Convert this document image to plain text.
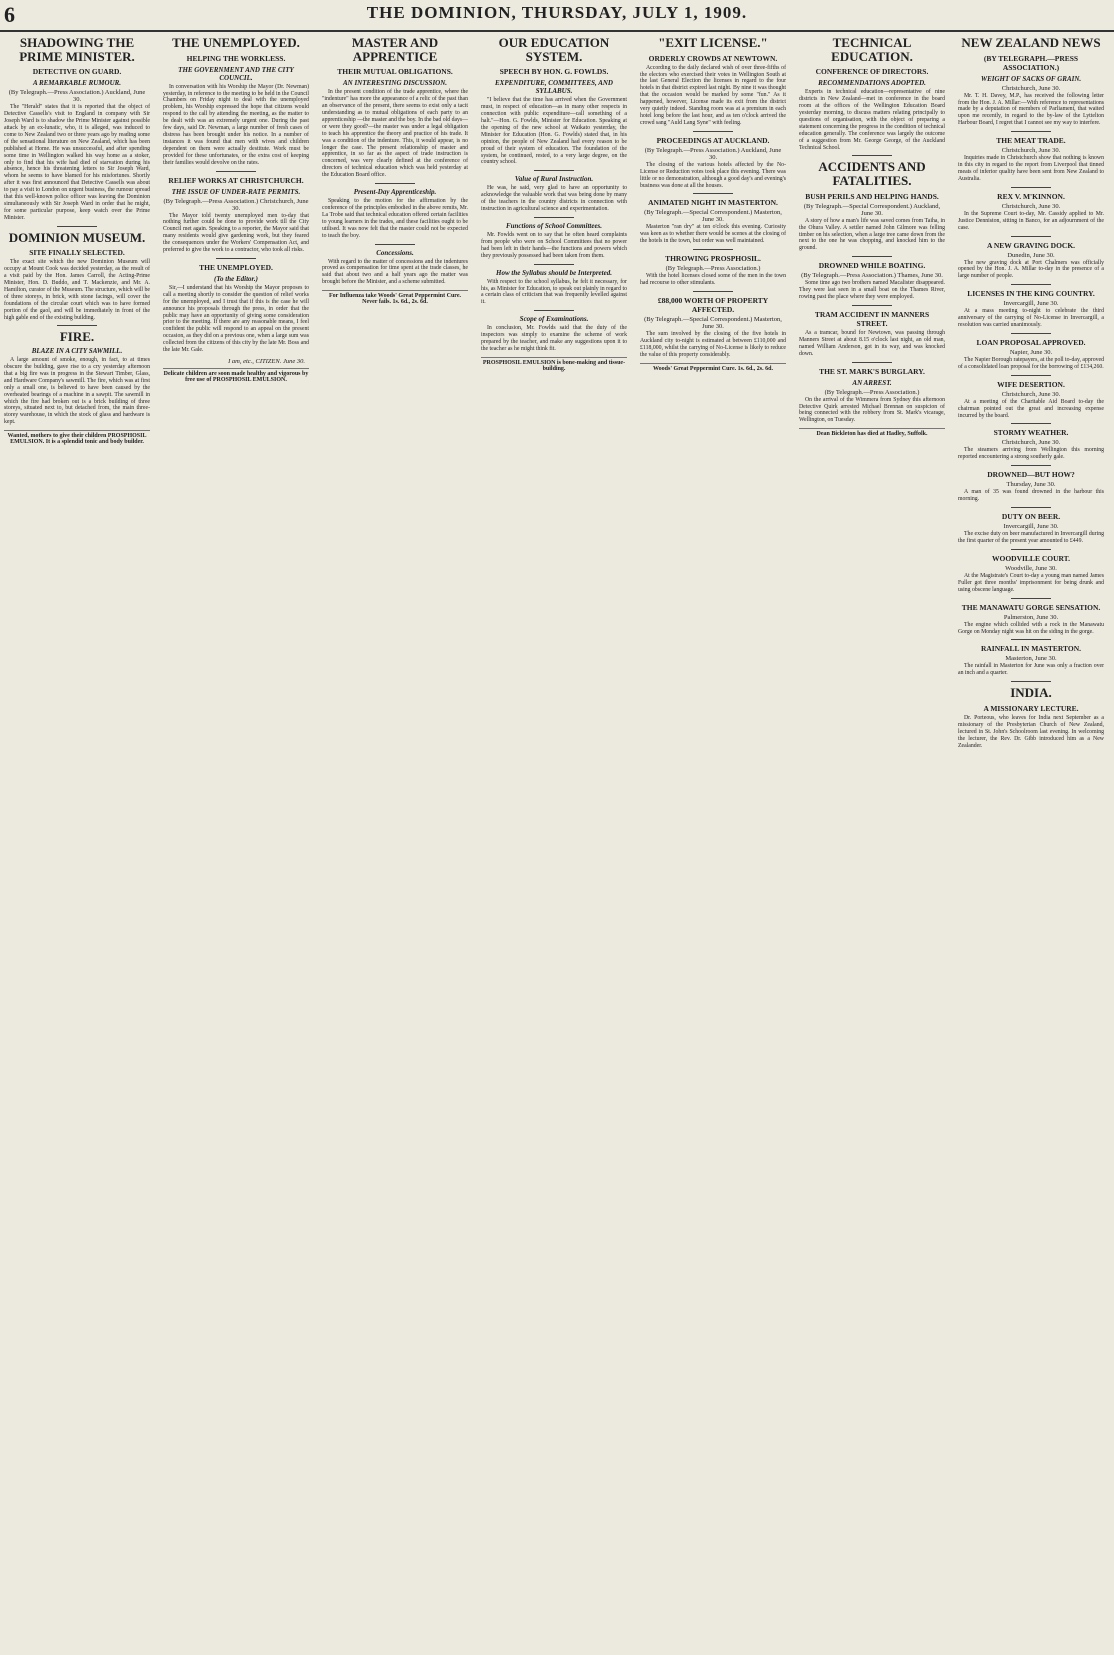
6	THE DOMINION, THURSDAY, JULY 1, 1909.
SHADOWING THE PRIME MINISTER.
DETECTIVE ON GUARD.
A REMARKABLE RUMOUR.
(By Telegraph.—Press Association.) Auckland, June 30.

The "Herald" states that it is reported that the object of Detective Cassells's visit to England in company with Sir Joseph Ward is to shadow the Prime Minister against possible attack by an ex-lunatic, who, it is alleged, was induced to come to New Zealand two or three years ago by reading some of the sensational literature on New Zealand, which has been published at Home. He was unsuccessful, and after spending some time in Wellington walked his way home as a stoker, only to find that his wife had died of starvation during his absence, hence his threatening letters to Sir Joseph Ward, whom he seems to have blamed for his misfortunes. Shortly after it was first announced that Detective Cassells was about to pay a visit to London on urgent business, the rumour spread that this well-known police officer was leaving the Dominion simultaneously with Sir Joseph Ward in order that he might, for some particular purpose, keep watch over the Prime Minister.

DOMINION MUSEUM.
SITE FINALLY SELECTED.

The exact site which the new Dominion Museum will occupy at Mount Cook was decided yesterday, as the result of a visit paid by the Hon. James Carroll, the Acting-Prime Minister, Hon. D. Buddo, and T. Mackenzie, and Mr. A. Hamilton, curator of the Museum. The structure, which will be of three storeys, in brick, with stone facings, will cover the foundations of the circular court which was to have formed portion of the gaol, and will be immediately in front of the high gable end of the existing building.

FIRE.
BLAZE IN A CITY SAWMILL.

A large amount of smoke, enough, in fact, to at times obscure the building, gave rise to a cry yesterday afternoon that a big fire was in progress in the Stewart Timber, Glass, and Hardware Company's sawmill. The fire, which was at first only a small one, is believed to have been caused by the overheated bearings of a machine in a sawpit. The sawmill in which the fire had broken out is a brick building of three storeys, situated next to, but detached from, the main three-storey warehouse, in which the stock of glass and hardware is kept.

Wanted, mothers to give their children PROSPHOSIL EMULSION. It is a splendid tonic and body builder.
THE UNEMPLOYED.
HELPING THE WORKLESS.
THE GOVERNMENT AND THE CITY COUNCIL.

In conversation with his Worship the Mayor (Dr. Newman) yesterday, in reference to the meeting to be held in the Council Chambers on Friday night to deal with the unemployed problem, his Worship expressed the hope that citizens would respond to the call by attending the meeting, as the matter to be dealt with was an extremely urgent one. During the past few days, said Dr. Newman, a large number of fresh cases of distress has been brought under his notice. In a number of instances it was found that men with wives and children dependent on them were actually destitute. Work must be provided for these unfortunates, or the extra cost of keeping their families would devolve on the rates.

RELIEF WORKS AT CHRISTCHURCH.
THE ISSUE OF UNDER-RATE PERMITS.
(By Telegraph.—Press Association.) Christchurch, June 30.

The Mayor told twenty unemployed men to-day that nothing further could be done to provide work till the City Council met again. Speaking to a reporter, the Mayor said that many residents would give gardening work, but they feared the consequences under the Workers' Compensation Act, and preferred to give the work to a contractor, who took all risks.

THE UNEMPLOYED.
(To the Editor.)

Sir,—I understand that his Worship the Mayor proposes to call a meeting shortly to consider the question of relief works for the unemployed, and I trust that if this is the case he will announce his proposals through the press, in order that the public may have an opportunity of giving some consideration prior to the meeting. If there are any reasonable means, I feel confident the public will respond to an appeal on the present occasion, as they did on a previous one, when a large sum was collected from the citizens of this city by the late Mr. Boss and the late Mr. Gale.

I am, etc., CITIZEN. June 30.
Delicate children are soon made healthy and vigorous by free use of PROSPHOSIL EMULSION.
MASTER AND APPRENTICE
THEIR MUTUAL OBLIGATIONS.
AN INTERESTING DISCUSSION.

In the present condition of the trade apprentice, where the "indenture" has more the appearance of a relic of the past than an observance of the present, there seems to exist only a tacit understanding as to mutual obligations of each party to an apprenticeship —the master and the boy. In the bad old days—or were they good?—the master was under a legal obligation to teach his apprentice the theory and practice of his trade. It was a condition of the indenture. This, it would appear, is no longer the case. The present relationship of master and apprentice, in so far as the aspect of trade instruction is concerned, was very clearly defined at the conference of directors of technical education which was held yesterday at the Education Board office.

Present-Day Apprenticeship.

Speaking to the motion for the affirmation by the conference of the principles embodied in the above remits, Mr. La Trobe said that technical education offered certain facilities to young learners in the trades, and these facilities ought to be utilised. It was now felt that the master could not be expected to teach the boy.

Concessions.

With regard to the matter of concessions and the indentures proved as compensation for time spent at the trade classes, he said that about two and a half years ago the matter was brought before the Minister, and a scheme submitted.

For Influenza take Woods' Great Peppermint Cure. Never fails. 1s. 6d., 2s. 6d.
OUR EDUCATION SYSTEM.
SPEECH BY HON. G. FOWLDS.
EXPENDITURE, COMMITTEES, AND SYLLABUS.

"I believe that the time has arrived when the Government must, in respect of education—as in many other respects in connection with public expenditure—call something of a halt."—Hon. G. Fowlds, Minister for Education. Speaking at the opening of the new school at Waikato yesterday, the Minister for Education (Hon. G. Fowlds) stated that, in his opinion, the people of New Zealand had every reason to be proud of their system of education. The foundation of the system, he continued, rested, to a very large degree, on the country school.

Value of Rural Instruction.

He was, he said, very glad to have an opportunity to acknowledge the valuable work that was being done by many of the teachers in the country districts in connection with instruction in agricultural science and experimentation.

Functions of School Committees.

Mr. Fowlds went on to say that he often heard complaints from people who were on School Committees that no power had been left in their hands—the functions and powers which they previously possessed had been taken from them.

How the Syllabus should be Interpreted.

With respect to the school syllabus, he felt it necessary, for his, as Minister for Education, to speak out plainly in regard to a certain class of criticism that was frequently levelled against it.

Scope of Examinations.

In conclusion, Mr. Fowlds said that the duty of the inspectors was simply to examine the scheme of work prepared by the teacher, and make any suggestions upon it to the teacher as he might think fit.

PROSPHOSIL EMULSION is bone-making and tissue-building.
"EXIT LICENSE."
ORDERLY CROWDS AT NEWTOWN.

According to the daily declared wish of over three-fifths of the electors who exercised their votes in Wellington South at the last General Election the licenses in regard to the four hotels in that district expired last night. By nine it was thought that the occasion would be marked by some "fun." As it happened, however, License made its exit from the district very quietly indeed. Standing room was at a premium in each hotel long before the last hour, and as ten o'clock arrived the crowd sang "Auld Lang Syne" with feeling.

PROCEEDINGS AT AUCKLAND.
(By Telegraph.—Press Association.) Auckland, June 30.

The closing of the various hotels affected by the No-License or Reduction votes took place this evening. There was little or no demonstration, although a good day's and evening's business was done at all the houses.

ANIMATED NIGHT IN MASTERTON.
(By Telegraph.—Special Correspondent.) Masterton, June 30.

Masterton "ran dry" at ten o'clock this evening. Curiosity was keen as to whether there would be scenes at the closing of the hotels in the town, but order was well maintained.

THROWING PROSPHOSIL.
(By Telegraph.—Press Association.)

With the hotel licenses closed some of the men in the town had recourse to other stimulants.

£88,000 WORTH OF PROPERTY AFFECTED.
(By Telegraph.—Special Correspondent.) Masterton, June 30.

The sum involved by the closing of the five hotels in Auckland city to-night is estimated at between £110,000 and £118,000, whilst the carrying of No-License is likely to reduce the value of this property considerably.

Woods' Great Peppermint Cure. 1s. 6d., 2s. 6d.
TECHNICAL EDUCATION.
CONFERENCE OF DIRECTORS.
RECOMMENDATIONS ADOPTED.

Experts in technical education—representative of nine districts in New Zealand—met in conference in the board room at the offices of the Wellington Education Board yesterday morning, to discuss matters relating principally to questions of organisation, with the object of preparing a statement concerning the progress in the condition of technical education generally. The conference was largely the outcome of a suggestion from Mr. George George, of the Auckland Technical School.

ACCIDENTS AND FATALITIES.
BUSH PERILS AND HELPING HANDS.
(By Telegraph.—Special Correspondent.) Auckland, June 30.

A story of how a man's life was saved comes from Taiha, in the Ohura Valley. A settler named John Gilmore was felling timber on his selection, when a large tree came down from the next to the one he was chopping, and knocked him to the ground.

DROWNED WHILE BOATING.
(By Telegraph.—Press Association.) Thames, June 30.

Some time ago two brothers named Macalister disappeared. They were last seen in a small boat on the Thames River, rowing past the place where they were employed.

TRAM ACCIDENT IN MANNERS STREET.

As a tramcar, bound for Newtown, was passing through Manners Street at about 8.15 o'clock last night, an old man, named William Anderson, got in its way, and was knocked down.

THE ST. MARK'S BURGLARY.
AN ARREST.
(By Telegraph.—Press Association.)

On the arrival of the Wimmera from Sydney this afternoon Detective Quirk arrested Michael Brennan on suspicion of being connected with the robbery from St. Mark's vicarage, Wellington, on Tuesday.

Dean Bickleton has died at Hadley, Suffolk.
NEW ZEALAND NEWS
(BY TELEGRAPH.—PRESS ASSOCIATION.)
WEIGHT OF SACKS OF GRAIN.
Christchurch, June 30.

Mr. T. H. Davey, M.P., has received the following letter from the Hon. J. A. Millar:—With reference to representations made by a deputation of members of Parliament, that waited upon me recently, in regard to the by-law of the Lyttelton Harbour Board, I regret that I cannot see my way to interfere.

THE MEAT TRADE.
Christchurch, June 30.

Inquiries made in Christchurch show that nothing is known in this city in regard to the report from Liverpool that tinned meats of inferior quality have been sent from New Zealand to Australia.

REX V. M'KINNON.
Christchurch, June 30.

In the Supreme Court to-day, Mr. Cassidy applied to Mr. Justice Denniston, sitting in Banco, for an adjournment of the case.

A NEW GRAVING DOCK.
Dunedin, June 30.

The new graving dock at Port Chalmers was officially opened by the Hon. J. A. Millar to-day in the presence of a large number of people.

LICENSES IN THE KING COUNTRY.
Invercargill, June 30.

At a mass meeting to-night to celebrate the third anniversary of the carrying of No-License in Invercargill, a resolution was carried unanimously.

LOAN PROPOSAL APPROVED.
Napier, June 30.

The Napier Borough ratepayers, at the poll to-day, approved of a consolidated loan proposal for the borrowing of £134,260.

WIFE DESERTION.
Christchurch, June 30.

At a meeting of the Charitable Aid Board to-day the chairman pointed out the great and increasing expense incurred by the board.

STORMY WEATHER.
Christchurch, June 30.

The steamers arriving from Wellington this morning reported encountering a strong southerly gale.

DROWNED—BUT HOW?
Thursday, June 30.

A man of 35 was found drowned in the harbour this morning.

DUTY ON BEER.
Invercargill, June 30.

The excise duty on beer manufactured in Invercargill during the first quarter of the present year amounted to £449.

WOODVILLE COURT.
Woodville, June 30.

At the Magistrate's Court to-day a young man named James Fuller got three months' imprisonment for being drunk and using obscene language.

THE MANAWATU GORGE SENSATION.
Palmerston, June 30.

The engine which collided with a rock in the Manawatu Gorge on Monday night was hit on the siding in the gorge.

RAINFALL IN MASTERTON.
Masterton, June 30.

The rainfall in Masterton for June was only a fraction over an inch and a quarter.

INDIA.
A MISSIONARY LECTURE.

Dr. Porteous, who leaves for India next September as a missionary of the Presbyterian Church of New Zealand, lectured in St. John's Schoolroom last evening. In welcoming the lecturer, the Rev. Dr. Gibb introduced him as a New Zealander.
